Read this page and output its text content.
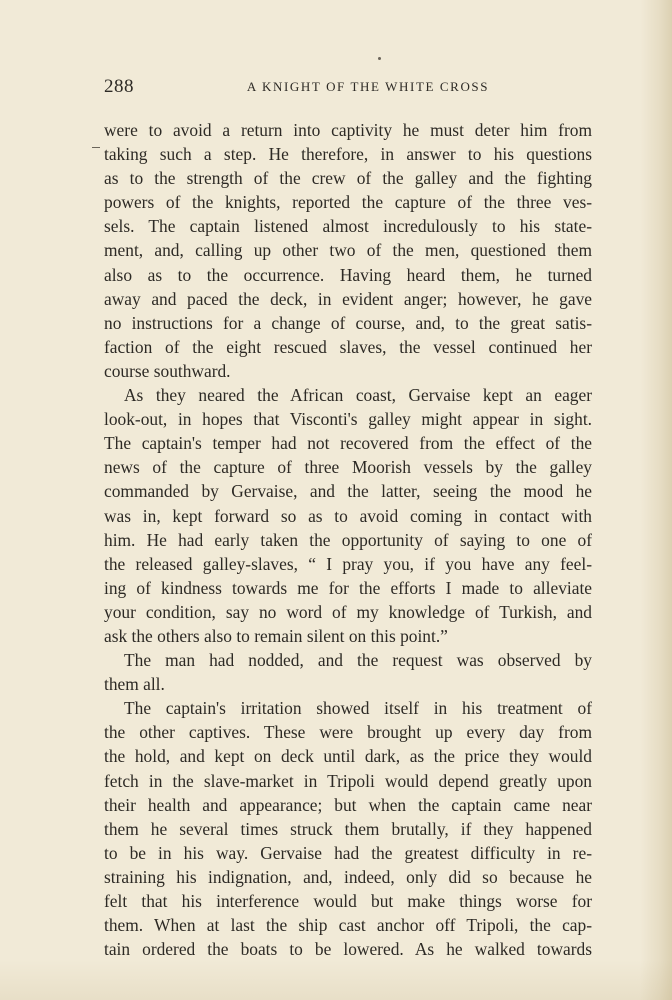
288	A KNIGHT OF THE WHITE CROSS
were to avoid a return into captivity he must deter him from
taking such a step. He therefore, in answer to his questions
as to the strength of the crew of the galley and the fighting
powers of the knights, reported the capture of the three ves-
sels. The captain listened almost incredulously to his state-
ment, and, calling up other two of the men, questioned them
also as to the occurrence. Having heard them, he turned
away and paced the deck, in evident anger; however, he gave
no instructions for a change of course, and, to the great satis-
faction of the eight rescued slaves, the vessel continued her
course southward.
As they neared the African coast, Gervaise kept an eager
look-out, in hopes that Visconti's galley might appear in sight.
The captain's temper had not recovered from the effect of the
news of the capture of three Moorish vessels by the galley
commanded by Gervaise, and the latter, seeing the mood he
was in, kept forward so as to avoid coming in contact with
him. He had early taken the opportunity of saying to one of
the released galley-slaves, “ I pray you, if you have any feel-
ing of kindness towards me for the efforts I made to alleviate
your condition, say no word of my knowledge of Turkish, and
ask the others also to remain silent on this point.”
The man had nodded, and the request was observed by
them all.
The captain's irritation showed itself in his treatment of
the other captives. These were brought up every day from
the hold, and kept on deck until dark, as the price they would
fetch in the slave-market in Tripoli would depend greatly upon
their health and appearance; but when the captain came near
them he several times struck them brutally, if they happened
to be in his way. Gervaise had the greatest difficulty in re-
straining his indignation, and, indeed, only did so because he
felt that his interference would but make things worse for
them. When at last the ship cast anchor off Tripoli, the cap-
tain ordered the boats to be lowered. As he walked towards
